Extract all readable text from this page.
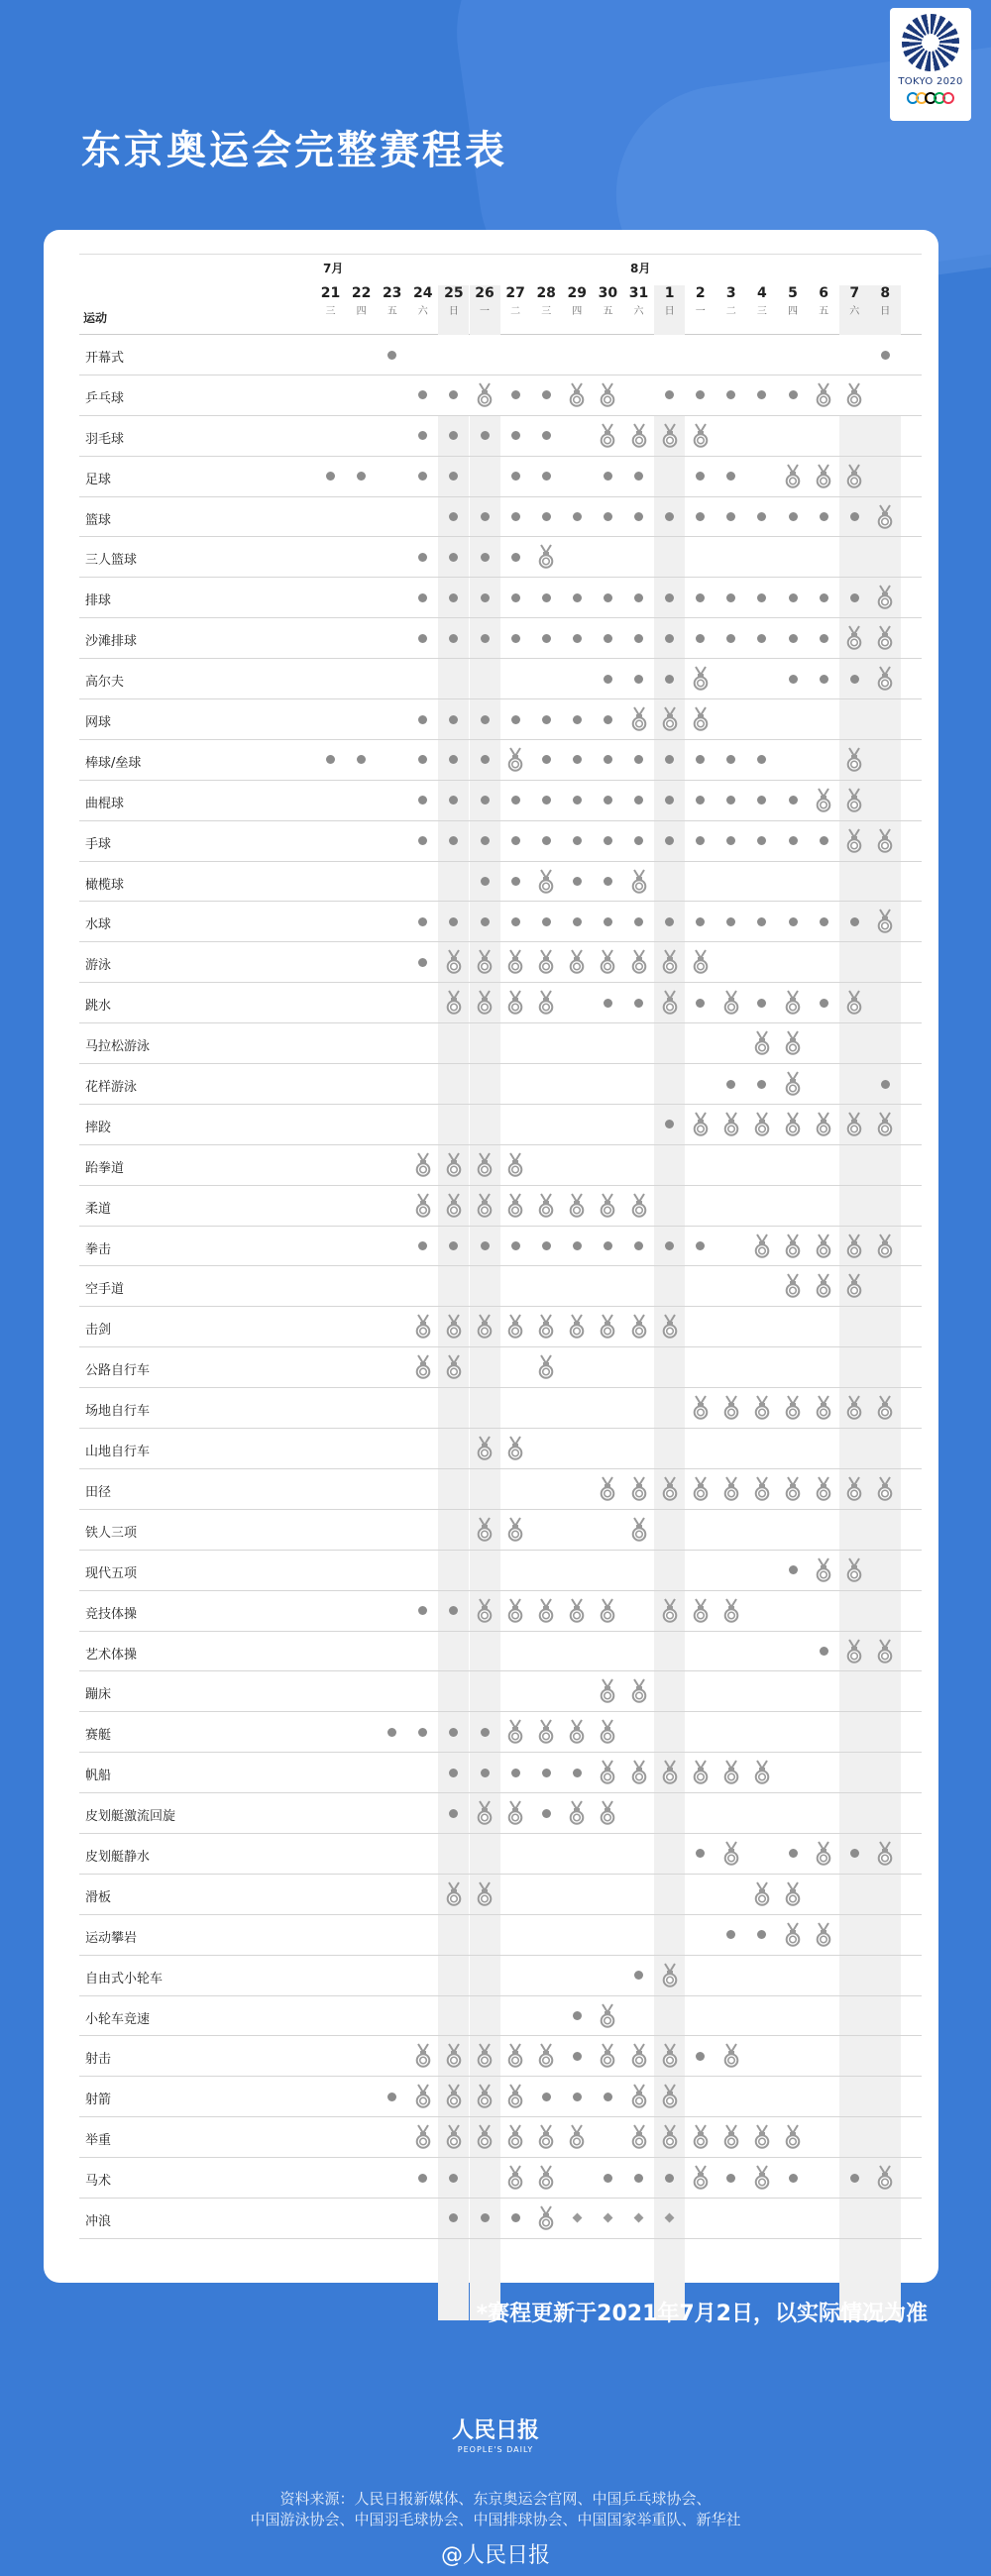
TOKYO 2020
东京奥运会完整赛程表
7月	8月
运动
21
三
22
四
23
五
24
六
25
日
26
一
27
二
28
三
29
四
30
五
31
六
1
日
2
一
3
二
4
三
5
四
6
五
7
六
8
日
开幕式
乒乓球
羽毛球
足球
篮球
三人篮球
排球
沙滩排球
高尔夫
网球
棒球/垒球
曲棍球
手球
橄榄球
水球
游泳
跳水
马拉松游泳
花样游泳
摔跤
跆拳道
柔道
拳击
空手道
击剑
公路自行车
场地自行车
山地自行车
田径
铁人三项
现代五项
竞技体操
艺术体操
蹦床
赛艇
帆船
皮划艇激流回旋
皮划艇静水
滑板
运动攀岩
自由式小轮车
小轮车竞速
射击
射箭
举重
马术
冲浪
*赛程更新于2021年7月2日，以实际情况为准
人民日报
PEOPLE'S DAILY
资料来源：人民日报新媒体、东京奥运会官网、中国乒乓球协会、
中国游泳协会、中国羽毛球协会、中国排球协会、中国国家举重队、新华社
@人民日报
